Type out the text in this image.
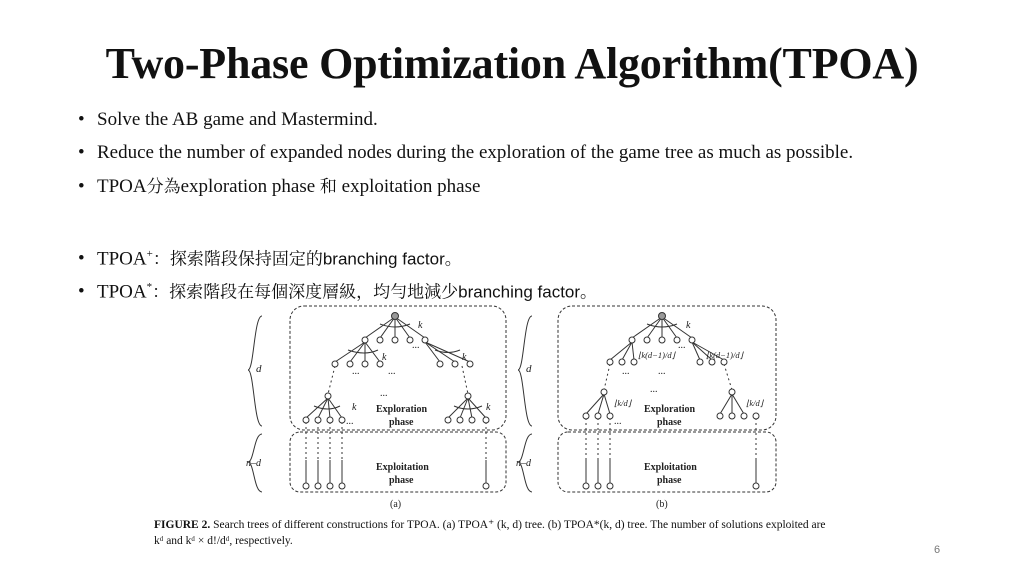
Two-Phase Optimization Algorithm(TPOA)
• Solve the AB game and Mastermind.
• Reduce the number of expanded nodes during the exploration of the game tree as much as possible.
• TPOA分為exploration phase 和 exploitation phase
• TPOA+：探索階段保持固定的branching factor。
• TPOA*：探索階段在每個深度層級，均勻地減少branching factor。
d
n–d
k
...
k	k
...	...
...
k	k
...
Exploration
phase
Exploitation
phase
(a)
d
n–d
k
...
⌊k(d−1)/d⌋	⌊k(d−1)/d⌋
...	...
...
⌊k/d⌋	⌊k/d⌋
...
Exploration
phase
Exploitation
phase
(b)
FIGURE 2. Search trees of different constructions for TPOA. (a) TPOA⁺ (k, d) tree. (b) TPOA*(k, d) tree. The number of solutions exploited are
kᵈ and kᵈ × d!/dᵈ, respectively.
6
